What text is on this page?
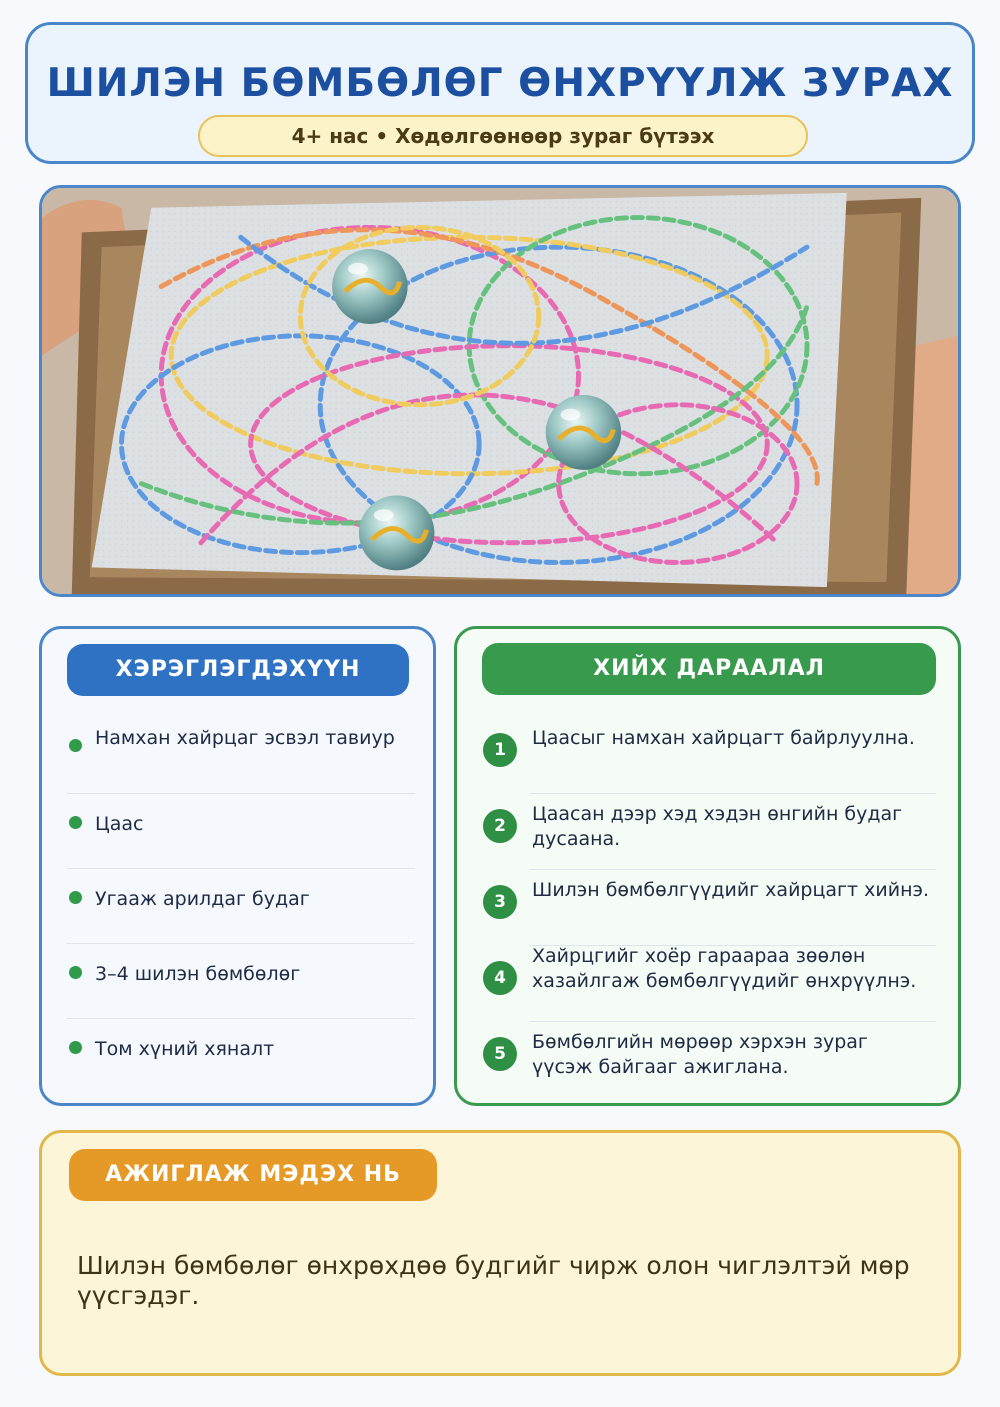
ШИЛЭН БӨМБӨЛӨГ ӨНХРҮҮЛЖ ЗУРАХ
4+ нас • Хөдөлгөөнөөр зураг бүтээх
ХЭРЭГЛЭГДЭХҮҮН
Намхан хайрцаг эсвэл тавиур
Цаас
Угааж арилдаг будаг
3–4 шилэн бөмбөлөг
Том хүний хяналт
ХИЙХ ДАРААЛАЛ
1
Цаасыг намхан хайрцагт байрлуулна.
2
Цаасан дээр хэд хэдэн өнгийн будаг дусаана.
3
Шилэн бөмбөлгүүдийг хайрцагт хийнэ.
4
Хайрцгийг хоёр гараараа зөөлөн хазайлгаж бөмбөлгүүдийг өнхрүүлнэ.
5
Бөмбөлгийн мөрөөр хэрхэн зураг үүсэж байгааг ажиглана.
АЖИГЛАЖ МЭДЭХ НЬ
Шилэн бөмбөлөг өнхрөхдөө будгийг чирж олон чиглэлтэй мөр үүсгэдэг.
